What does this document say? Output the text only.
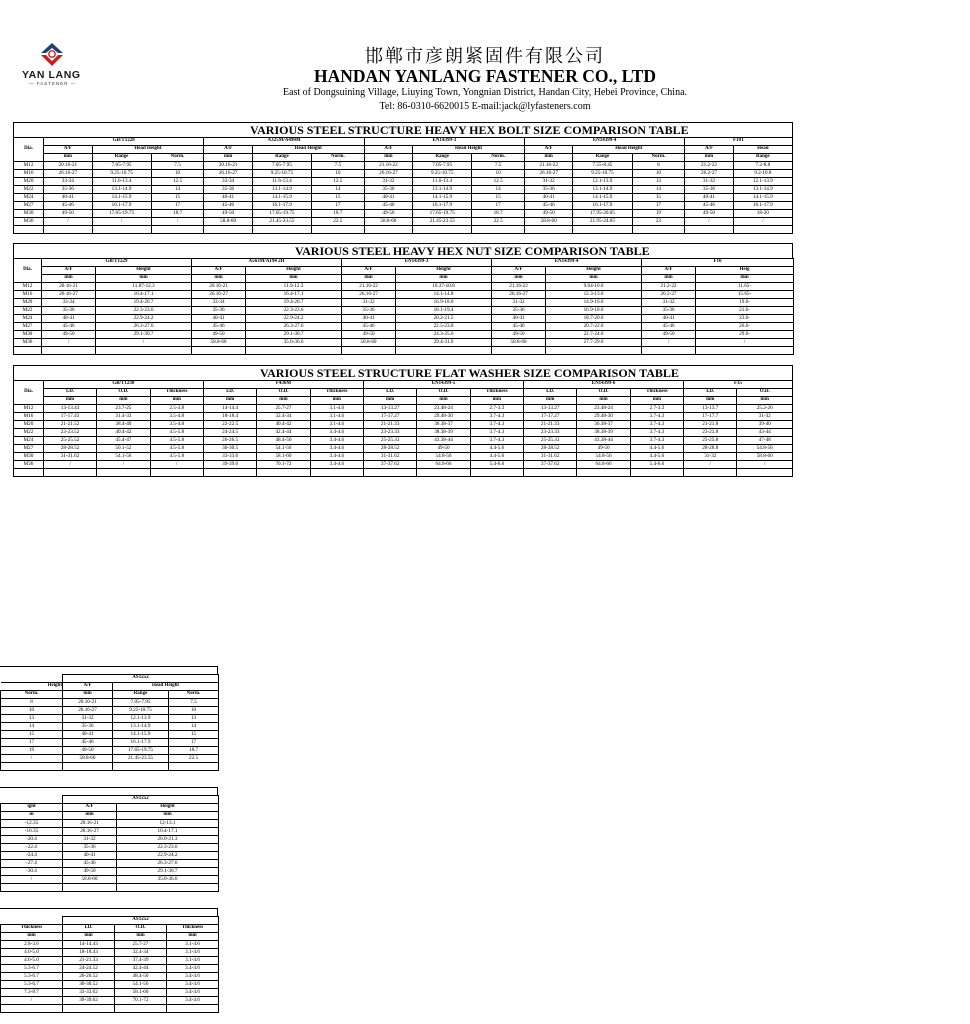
YAN LANG
— FASTENER —
邯郸市彦朗紧固件有限公司
HANDAN YANLANG FASTENER CO., LTD
East of Dongsuining Village, Liuying Town, Yongnian District, Handan City, Hebei Province, China.
Tel: 86-0310-6620015 E-mail:jack@lyfasteners.com
VARIOUS STEEL STRUCTURE HEAVY HEX BOLT SIZE COMPARISON TABLE
Dia.	GB/T1228			A325M/A490M			EN14399-3			EN14399-4			F10T	
	A/F	Head Height		A/F	Head Height		A/F	Head Height		A/F	Head Height		A/F	Head
	mm	Range	Norm.	mm	Range	Norm.	mm	Range	Norm.	mm	Range	Norm.	mm	Range
M12	20.16-21	7.05-7.95	7.5	20.16-21	7.05-7.95	7.5	21.16-22	7.05-7.95	7.5	21.16-22	7.55-8.45	8	21.2-22	7.2-8.8
M16	26.16-27	9.25-10.75	10	26.16-27	9.25-10.75	10	26.16-27	9.25-10.75	10	26.16-27	9.25-10.75	10	26.2-27	9.2-10.8
M20	33-34	11.6-13.4	12.5	33-34	11.6-13.4	12.5	31-32	11.6-13.4	12.5	31-32	12.1-13.9	13	31-32	12.1-13.9
M22	35-36	13.1-14.9	14	35-36	13.1-14.9	14	35-36	13.1-14.9	14	35-36	13.1-14.9	14	35-36	13.1-14.9
M24	40-41	14.1-15.9	15	40-41	14.1-15.9	15	40-41	14.1-15.9	15	40-41	14.1-15.9	15	40-41	14.1-15.9
M27	45-46	16.1-17.9	17	45-46	16.1-17.9	17	45-46	16.1-17.9	17	45-46	16.1-17.9	17	45-46	16.1-17.9
M30	49-50	17.65-19.75	18.7	49-50	17.65-19.75	18.7	49-50	17.65-19.75	18.7	49-50	17.95-20.05	19	49-50	18-20
M36	/	/	/	58.8-60	21.45-23.55	22.5	58.8-60	21.45-23.55	22.5	58.8-60	21.95-24.05	23	/	/

VARIOUS STEEL HEAVY HEX NUT SIZE COMPARISON TABLE
Dia.	GB/T1229		A563M/A194 2H		EN14399-3		EN14399-4		F10	
	A/F	Height	A/F	Height	A/F	Height	A/F	Height	A/F	Heig
	mm	mm	mm	mm	mm	mm	mm	mm	mm	mm
M12	20.16-21	11.87-12.3	20.16-21	11.9-12.3	21.16-22	10.37-10.8	21.16-22	9.64-10.0	21.2-22	11.65-
M16	26.16-27	16.4-17.1	26.16-27	16.4-17.1	26.16-27	14.1-14.8	26.16-27	12.3-13.0	26.2-27	15.65-
M20	33-34	19.4-20.7	33-34	19.4-20.7	31-32	16.9-18.0	31-32	14.9-16.0	31-32	19.6-
M22	35-36	22.3-23.6	35-36	22.3-23.6	35-36	18.1-19.4	35-36	16.9-18.0	35-36	21.6-
M24	40-41	22.9-24.2	40-41	22.9-24.2	40-41	20.2-21.5	40-41	18.7-20.0	40-41	23.6-
M27	45-46	26.3-27.6	45-46	26.3-27.6	45-46	22.5-23.8	45-46	20.7-22.0	45-46	26.6-
M30	49-50	29.1-30.7	49-50	29.1-30.7	49-50	24.3-25.6	49-50	22.7-24.0	49-50	29.6-
M36	/	/	58.8-60	35.0-36.6	58.8-60	29.4-31.0	58.8-60	27.7-29.0	/	/

VARIOUS STEEL STRUCTURE FLAT WASHER SIZE COMPARISON TABLE
Dia.	GB/T1230			F436M			EN14399-5			EN14399-6			F35	
	I.D.	O.D.	Thickness	I.D.	O.D.	Thickness	I.D.	O.D.	Thickness	I.D.	O.D.	Thickness	I.D.	O.D.
	mm	mm	mm	mm	mm	mm	mm	mm	mm	mm	mm	mm	mm	mm
M12	13-13.43	23.7-25	2.5-3.8	14-14.4	25.7-27	3.1-4.6	13-13.27	23.48-24	2.7-3.3	13-13.27	23.48-24	2.7-3.3	13-13.7	25.2-26
M16	17-17.43	31.4-33	3.5-4.8	18-18.4	32.4-34	3.1-4.6	17-17.27	29.48-30	3.7-4.3	17-17.27	29.48-30	3.7-4.3	17-17.7	31-32
M20	21-21.52	38.4-40	3.5-4.8	22-22.5	40.4-42	3.1-4.6	21-21.33	36.38-37	3.7-4.3	21-21.33	36.38-37	3.7-4.3	21-21.8	39-40
M22	23-23.52	40.4-42	4.5-5.8	24-24.5	42.4-44	3.4-4.6	23-23.33	38.38-39	3.7-4.3	23-23.33	38.38-39	3.7-4.3	23-23.8	43-44
M24	25-25.52	45.4-47	4.5-5.8	26-26.5	48.4-50	3.4-4.6	25-25.33	43.38-44	3.7-4.3	25-25.33	43.38-44	3.7-4.3	25-25.8	47-48
M27	28-28.52	50.1-52	4.5-5.8	30-30.5	54.1-56	3.4-4.6	28-28.52	49-50	4.4-5.6	28-28.52	49-50	4.4-5.6	28-28.8	54.8-56
M30	31-31.62	54.1-56	4.5-5.8	33-33.6	58.1-60	3.4-4.6	31-31.62	54.8-56	4.4-5.6	31-31.62	54.8-56	4.4-5.6	31-32	58.8-60
M36	/	/	/	39-39.6	70.1-72	3.4-4.6	37-37.62	64.8-66	5.4-6.6	37-37.62	64.8-66	5.4-6.6	/	/

	AS1252		
Height	A/F	Head Height	
Norm.	mm	Range	Norm.
8	20.16-21	7.05-7.95	7.5
10	26.16-27	9.25-10.75	10
13	31-32	12.1-13.9	13
14	35-36	13.1-14.9	14
15	40-41	14.1-15.9	15
17	45-46	16.1-17.9	17
19	49-50	17.65-19.75	18.7
/	58.8-60	21.45-23.55	22.5

	AS1252	
ight	A/F	Height
m	mm	mm
-12.35	20.16-21	12-13.1
-16.35	26.16-27	16.4-17.1
-20.4	31-32	20.0-21.3
-22.4	35-36	22.3-23.6
-24.4	40-41	22.9-24.2
-27.4	45-46	26.3-27.6
-30.4	49-50	29.1-30.7
/	58.8-60	35.0-36.6

	AS1252		
Thickness	I.D.	O.D.	Thickness
mm	mm	mm	mm
2.8-3.6	14-14.43	25.7-27	3.1-4.6
4.0-5.0	18-18.43	32.4-34	3.1-4.6
4.0-5.0	21-21.33	37.4-39	3.1-4.6
5.3-6.7	24-24.52	42.4-44	3.4-4.6
5.3-6.7	26-26.52	48.4-50	3.4-4.6
5.3-6.7	30-30.52	54.1-56	3.4-4.6
7.3-8.7	33-33.62	58.1-60	3.4-4.6
/	39-39.62	70.1-72	3.4-4.6
